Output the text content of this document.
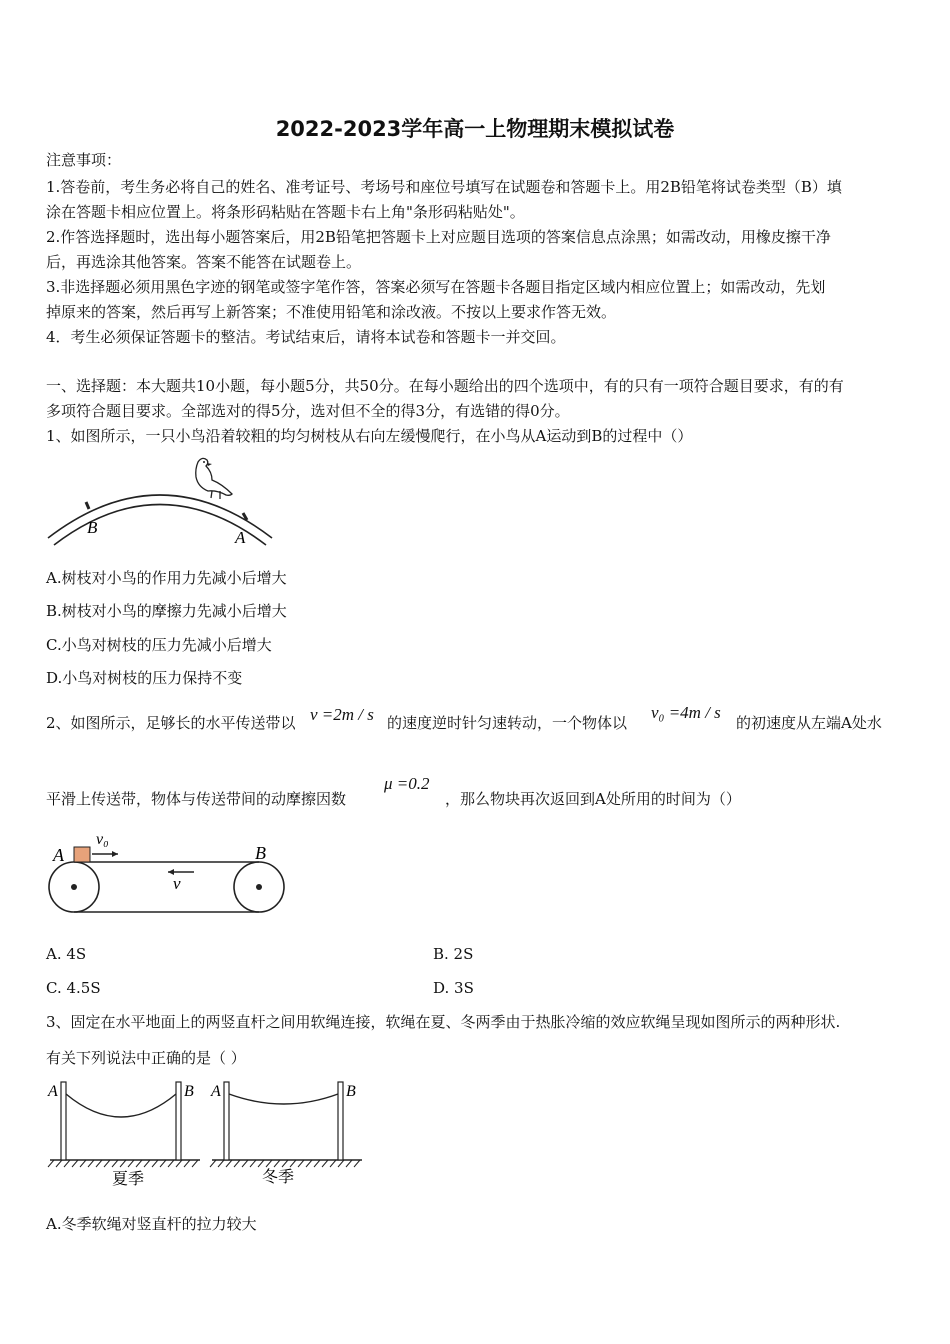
2022-2023学年高一上物理期末模拟试卷
注意事项：
1.答卷前，考生务必将自己的姓名、准考证号、考场号和座位号填写在试题卷和答题卡上。用2B铅笔将试卷类型（B）填
涂在答题卡相应位置上。将条形码粘贴在答题卡右上角"条形码粘贴处"。
2.作答选择题时，选出每小题答案后，用2B铅笔把答题卡上对应题目选项的答案信息点涂黑；如需改动，用橡皮擦干净
后，再选涂其他答案。答案不能答在试题卷上。
3.非选择题必须用黑色字迹的钢笔或签字笔作答，答案必须写在答题卡各题目指定区域内相应位置上；如需改动，先划
掉原来的答案，然后再写上新答案；不准使用铅笔和涂改液。不按以上要求作答无效。
4．考生必须保证答题卡的整洁。考试结束后，请将本试卷和答题卡一并交回。
一、选择题：本大题共10小题，每小题5分，共50分。在每小题给出的四个选项中，有的只有一项符合题目要求，有的有
多项符合题目要求。全部选对的得5分，选对但不全的得3分，有选错的得0分。
1、如图所示，一只小鸟沿着较粗的均匀树枝从右向左缓慢爬行，在小鸟从A运动到B的过程中（）
B
A
A.树枝对小鸟的作用力先减小后增大
B.树枝对小鸟的摩擦力先减小后增大
C.小鸟对树枝的压力先减小后增大
D.小鸟对树枝的压力保持不变
2、如图所示，足够长的水平传送带以 v =2m / s 的速度逆时针匀速转动，一个物体以
v₀ =4m / s
的初速度从左端A处水
平滑上传送带，物体与传送带间的动摩擦因数
μ =0.2
，那么物块再次返回到A处所用的时间为（）
A	B
v₀
v
A. 4S	B. 2S
C. 4.5S	D. 3S
3、固定在水平地面上的两竖直杆之间用软绳连接，软绳在夏、冬两季由于热胀冷缩的效应软绳呈现如图所示的两种形状.
有关下列说法中正确的是（ ）
A	B
夏季
A	B
冬季
A.冬季软绳对竖直杆的拉力较大
